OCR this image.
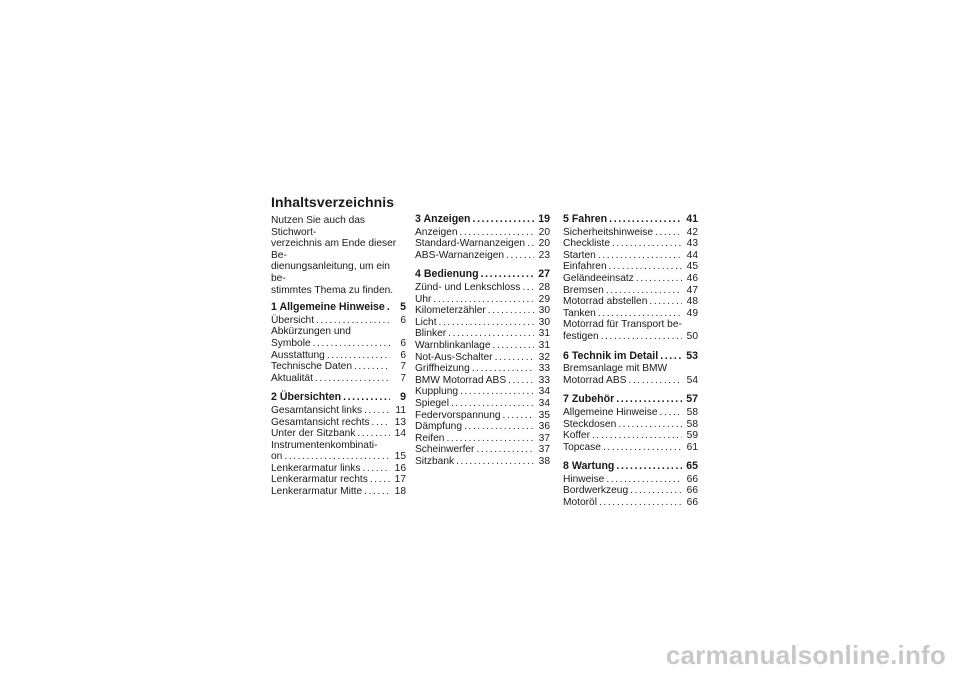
Inhaltsverzeichnis

Nutzen Sie auch das Stichwort-
verzeichnis am Ende dieser Be-
dienungsanleitung, um ein be-
stimmtes Thema zu finden.

1 Allgemeine Hinweise .....	5
Übersicht .....	6
Abkürzungen und
Symbole .....	6
Ausstattung .....	6
Technische Daten .....	7
Aktualität .....	7
2 Übersichten .....	9
Gesamtansicht links .....	11
Gesamtansicht rechts ..... 13
Unter der Sitzbank .....	14
Instrumentenkombinati-
on .....	15
Lenkerarmatur links .....	16
Lenkerarmatur rechts .....	17
Lenkerarmatur Mitte .....	18
3 Anzeigen .....	19
Anzeigen .....	20
Standard-Warnanzeigen ..... 20
ABS-Warnanzeigen .....	23
4 Bedienung .....	27
Zünd- und Lenkschloss ..... 28
Uhr .....	29
Kilometerzähler .....	30
Licht .....	30
Blinker .....	31
Warnblinkanlage .....	31
Not-Aus-Schalter .....	32
Griffheizung .....	33
BMW Motorrad ABS .....	33
Kupplung .....	34
Spiegel .....	34
Federvorspannung .....	35
Dämpfung .....	36
Reifen .....	37
Scheinwerfer .....	37
Sitzbank .....	38
5 Fahren .....	41
Sicherheitshinweise .....	42
Checkliste .....	43
Starten .....	44
Einfahren .....	45
Geländeeinsatz .....	46
Bremsen .....	47
Motorrad abstellen .....	48
Tanken .....	49
Motorrad für Transport be-
festigen .....	50
6 Technik im Detail .....	53
Bremsanlage mit BMW
Motorrad ABS .....	54
7 Zubehör .....	57
Allgemeine Hinweise .....	58
Steckdosen .....	58
Koffer .....	59
Topcase .....	61
8 Wartung .....	65
Hinweise .....	66
Bordwerkzeug .....	66
Motoröl .....	66
carmanualsonline.info
